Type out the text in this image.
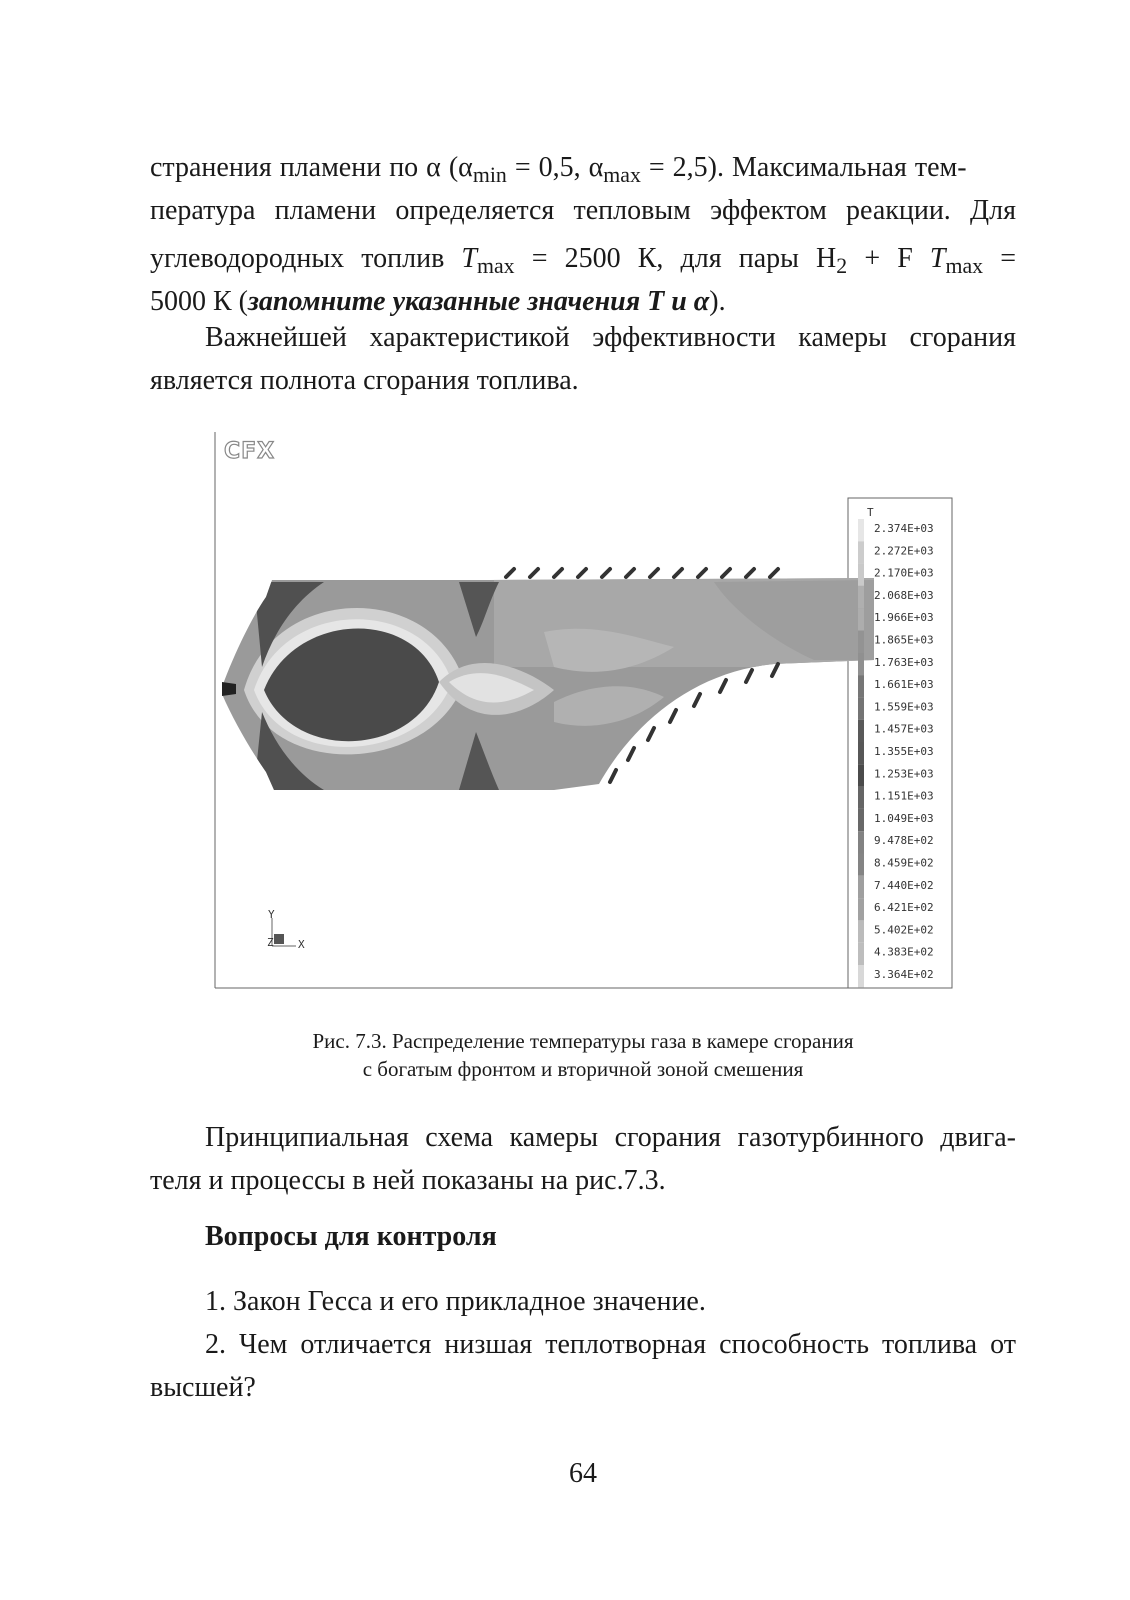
странения пламени по α ($\alpha_{min} = 0,5$, $\alpha_{max} = 2,5$). Максимальная тем-
пература пламени определяется тепловым эффектом реакции. Для
углеводородных топлив $T_{max} = 2500$ К, для пары $H_2 + F$ $T_{max}$ =
5000 К (запомните указанные значения T и α).
Важнейшей характеристикой эффективности камеры сгорания
является полнота сгорания топлива.
CFX
Y
Z X
T
2.374E+03
2.272E+03
2.170E+03
2.068E+03
1.966E+03
1.865E+03
1.763E+03
1.661E+03
1.559E+03
1.457E+03
1.355E+03
1.253E+03
1.151E+03
1.049E+03
9.478E+02
8.459E+02
7.440E+02
6.421E+02
5.402E+02
4.383E+02
3.364E+02
Рис. 7.3. Распределение температуры газа в камере сгорания
с богатым фронтом и вторичной зоной смешения
Принципиальная схема камеры сгорания газотурбинного двига-
теля и процессы в ней показаны на рис.7.3.
Вопросы для контроля
1. Закон Гесса и его прикладное значение.
2. Чем отличается низшая теплотворная способность топлива от
высшей?
64
